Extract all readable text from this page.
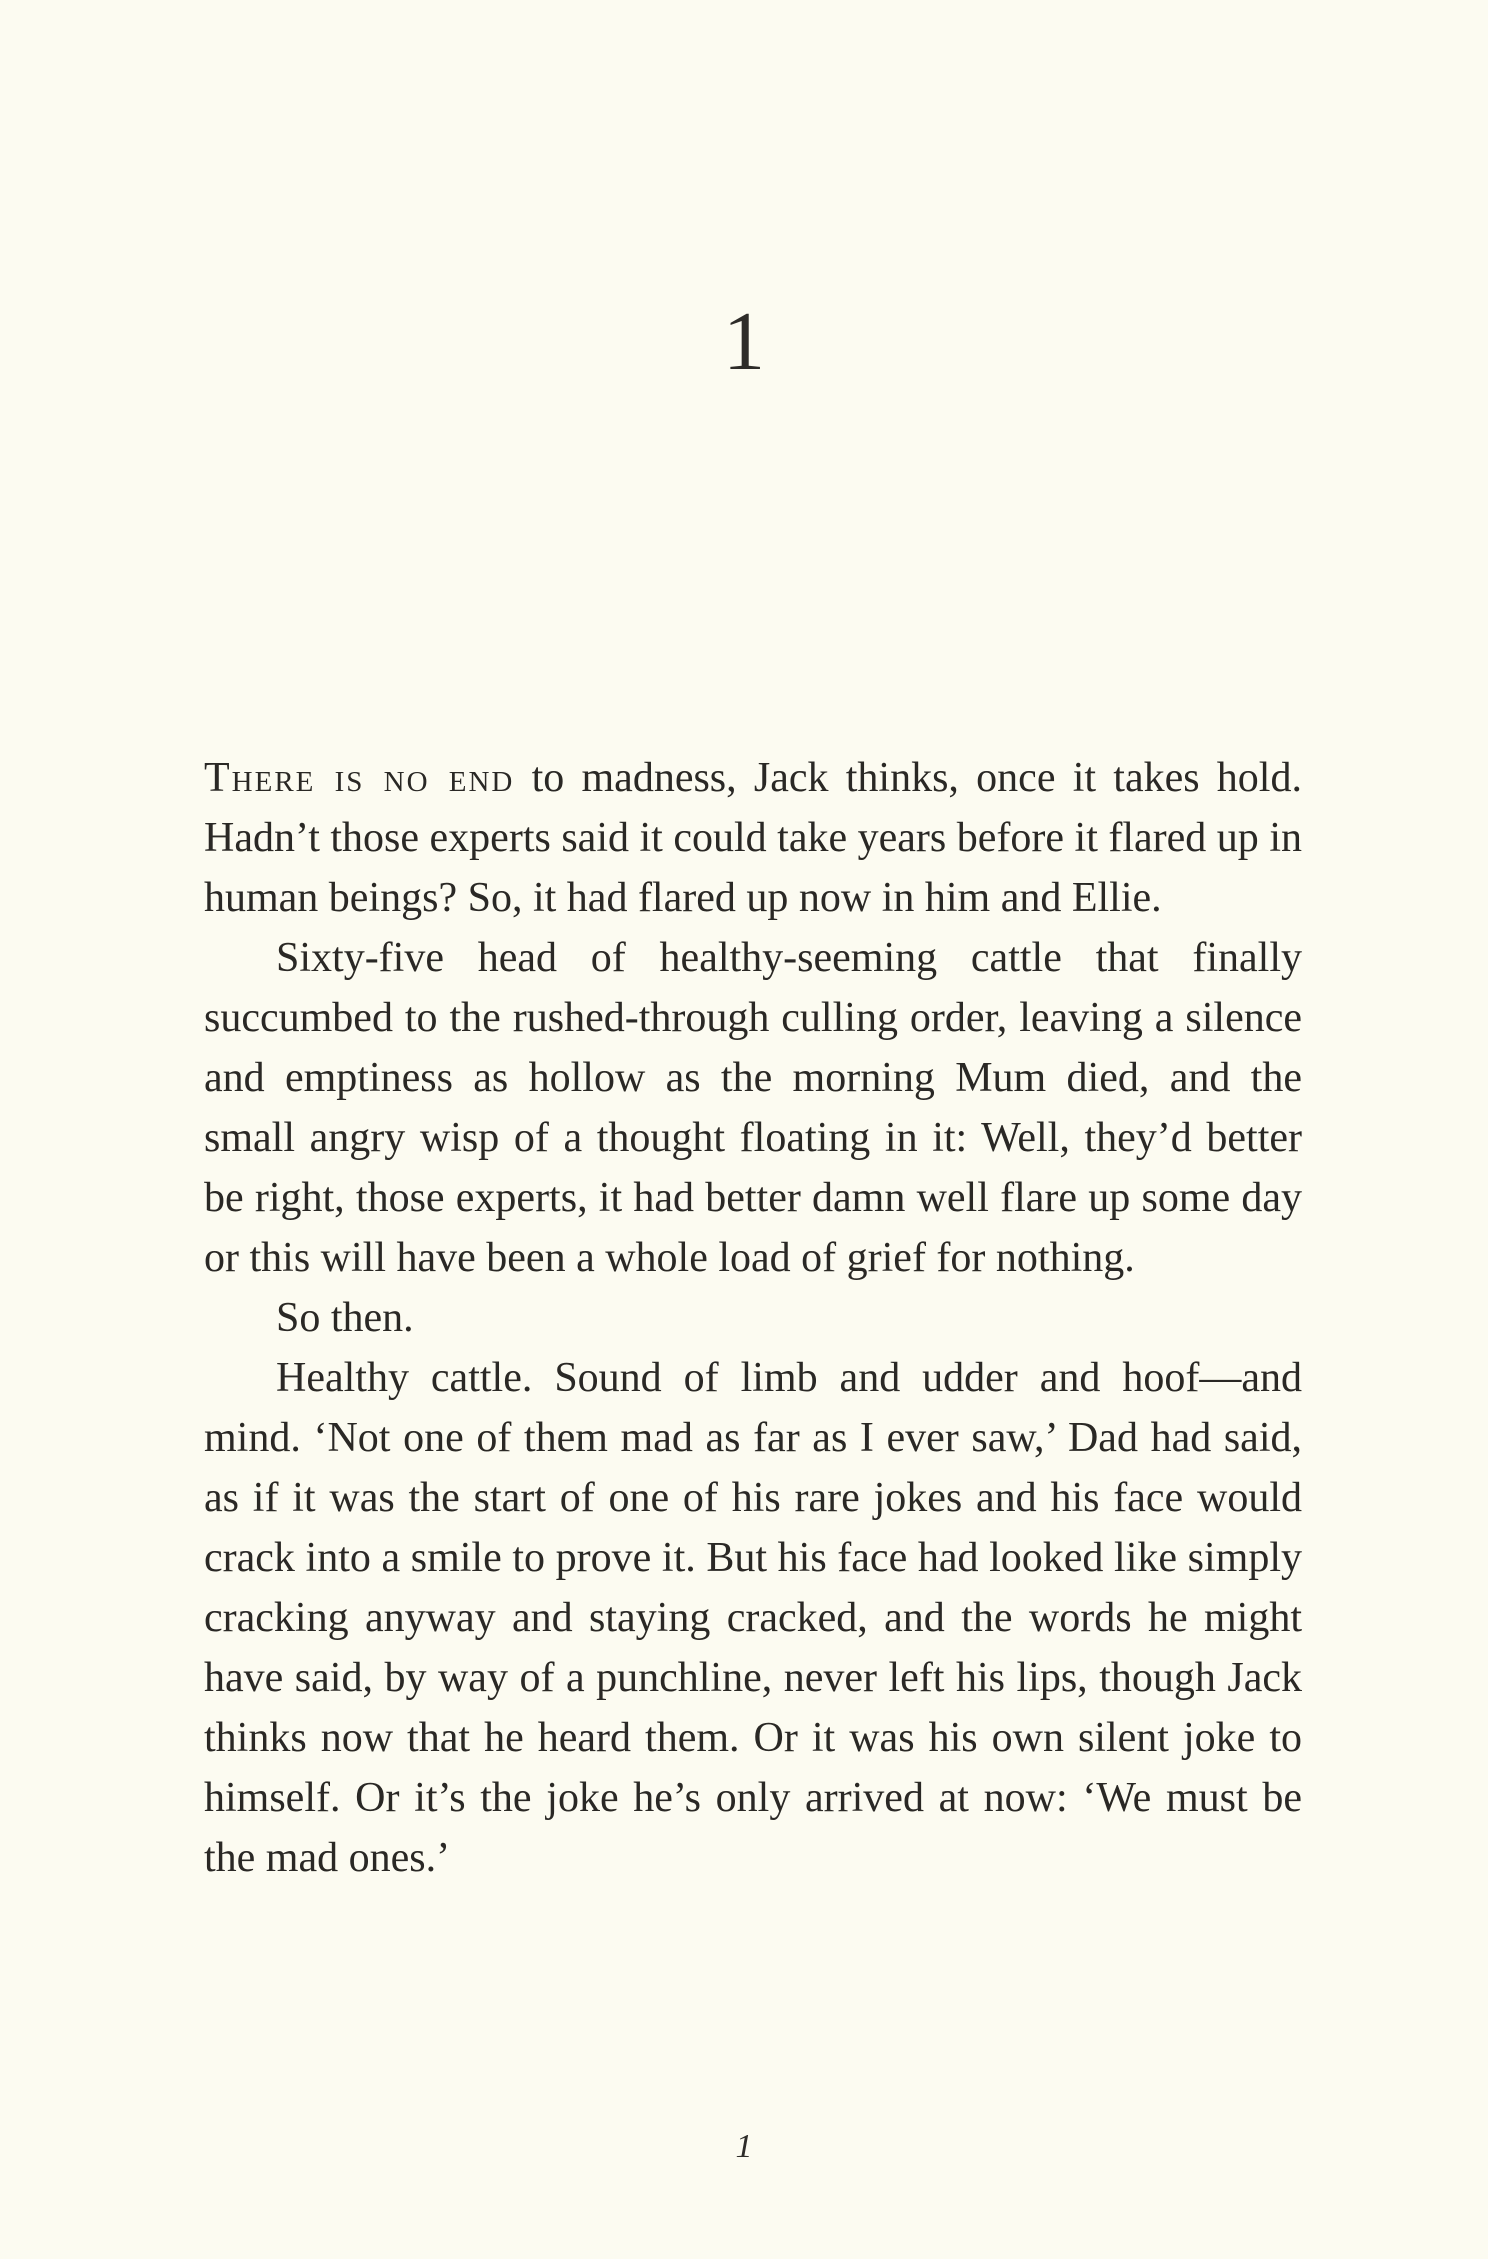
1

There is no end to madness, Jack thinks, once it takes hold. Hadn’t those experts said it could take years before it flared up in human beings? So, it had flared up now in him and Ellie.

Sixty-five head of healthy-seeming cattle that finally succumbed to the rushed-through culling order, leaving a silence and emptiness as hollow as the morning Mum died, and the small angry wisp of a thought floating in it: Well, they’d better be right, those experts, it had better damn well flare up some day or this will have been a whole load of grief for nothing.

So then.

Healthy cattle. Sound of limb and udder and hoof—and mind. ‘Not one of them mad as far as I ever saw,’ Dad had said, as if it was the start of one of his rare jokes and his face would crack into a smile to prove it. But his face had looked like simply cracking anyway and staying cracked, and the words he might have said, by way of a punchline, never left his lips, though Jack thinks now that he heard them. Or it was his own silent joke to himself. Or it’s the joke he’s only arrived at now: ‘We must be the mad ones.’

1
